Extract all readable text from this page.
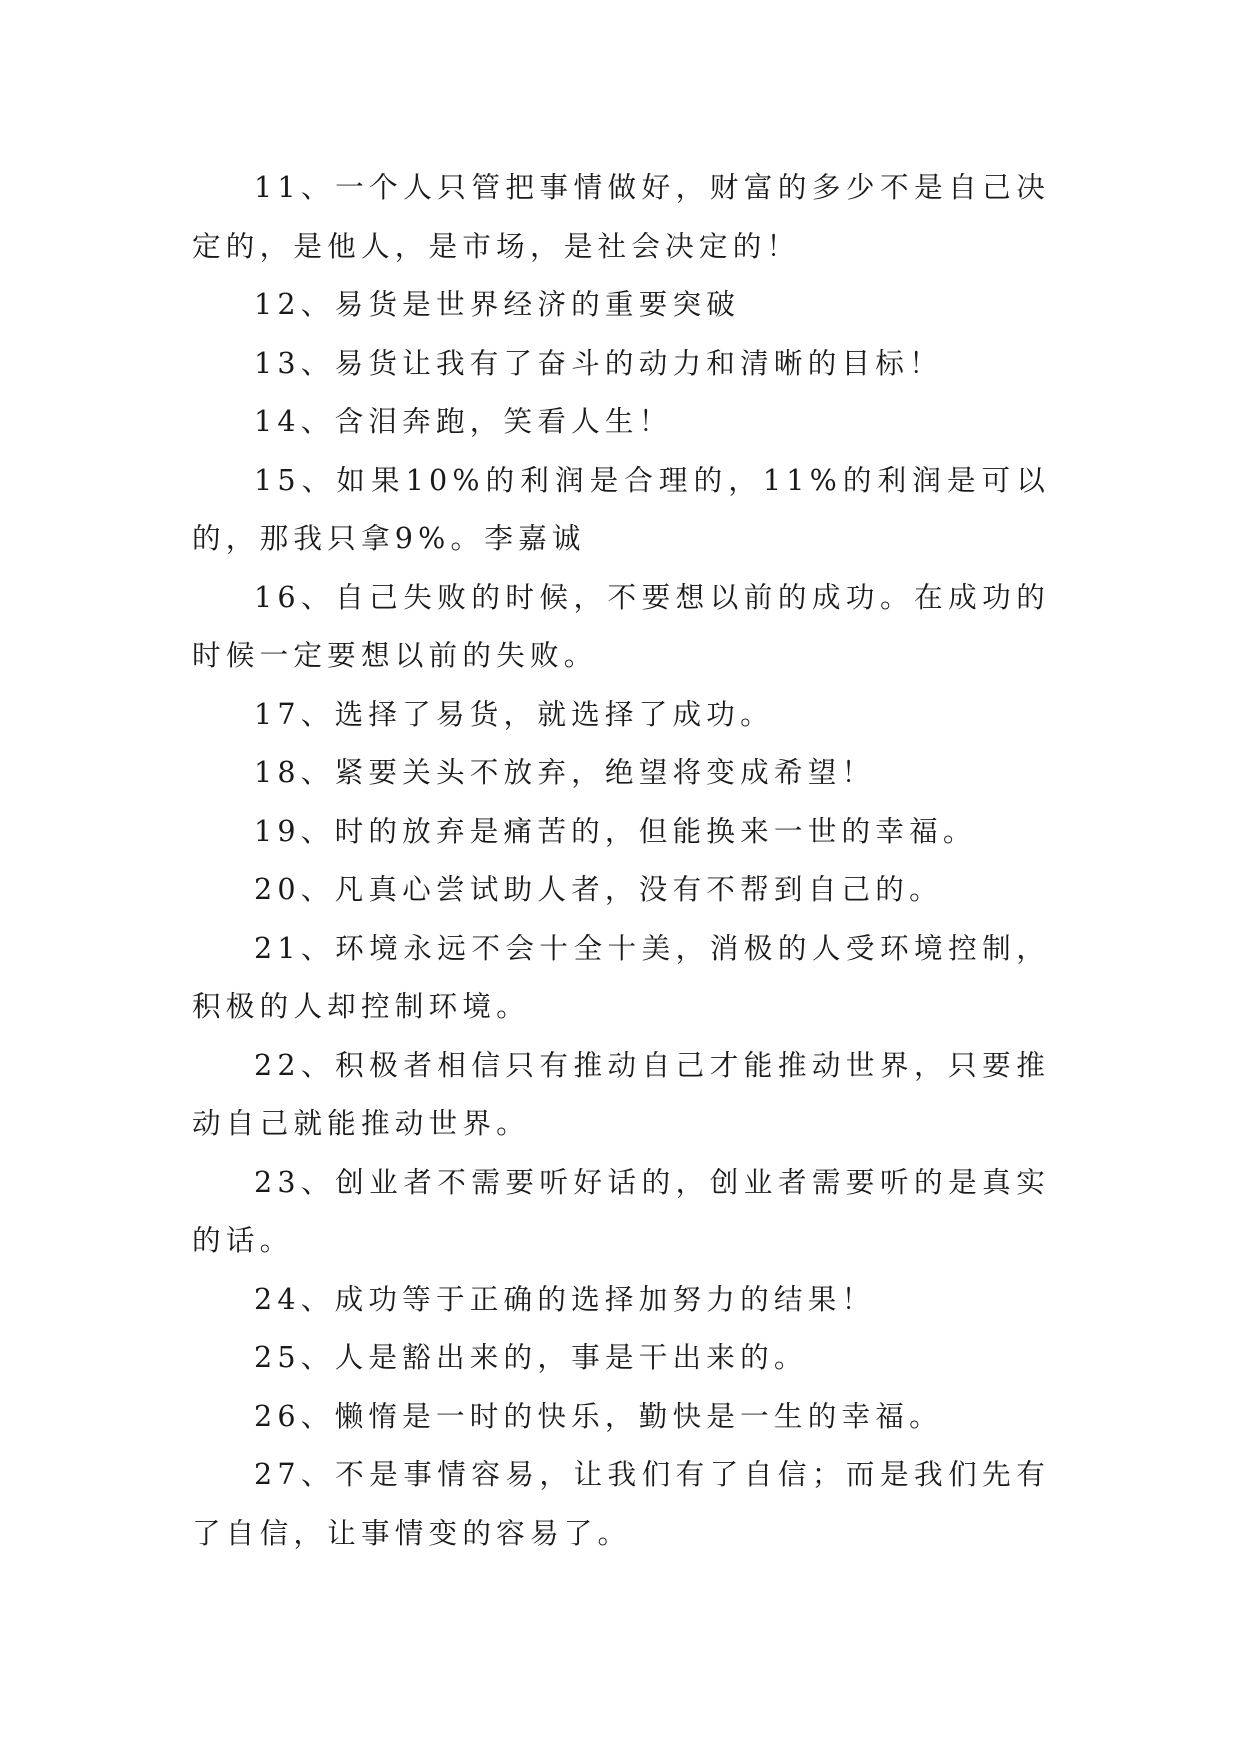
11、一个人只管把事情做好，财富的多少不是自己决定的，是他人，是市场，是社会决定的！

12、易货是世界经济的重要突破

13、易货让我有了奋斗的动力和清晰的目标！

14、含泪奔跑，笑看人生！

15、如果10%的利润是合理的，11%的利润是可以的，那我只拿9%。李嘉诚

16、自己失败的时候，不要想以前的成功。在成功的时候一定要想以前的失败。

17、选择了易货，就选择了成功。

18、紧要关头不放弃，绝望将变成希望！

19、时的放弃是痛苦的，但能换来一世的幸福。

20、凡真心尝试助人者，没有不帮到自己的。

21、环境永远不会十全十美，消极的人受环境控制，积极的人却控制环境。

22、积极者相信只有推动自己才能推动世界，只要推动自己就能推动世界。

23、创业者不需要听好话的，创业者需要听的是真实的话。

24、成功等于正确的选择加努力的结果！

25、人是豁出来的，事是干出来的。

26、懒惰是一时的快乐，勤快是一生的幸福。

27、不是事情容易，让我们有了自信；而是我们先有了自信，让事情变的容易了。
